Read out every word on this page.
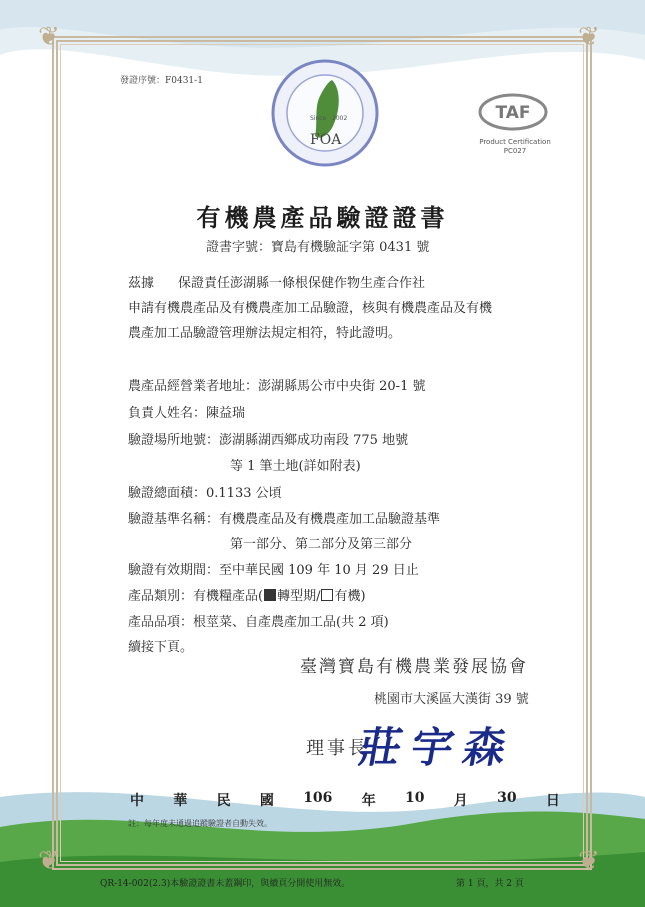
❦	❦
❦	❦
發證序號：F0431-1
Since 2002
FOA
TAF
Product Certification
PC027
有機農產品驗證證書
證書字號：寶島有機驗証字第 0431 號
茲據 保證責任澎湖縣一條根保健作物生產合作社
申請有機農產品及有機農產加工品驗證，核與有機農產品及有機
農產加工品驗證管理辦法規定相符，特此證明。
農產品經營業者地址：澎湖縣馬公市中央街 20-1 號
負責人姓名：陳益瑞
驗證場所地號：澎湖縣湖西鄉成功南段 775 地號
等 1 筆土地(詳如附表)
驗證總面積：0.1133 公頃
驗證基準名稱：有機農產品及有機農產加工品驗證基準
第一部分、第二部分及第三部分
驗證有效期間：至中華民國 109 年 10 月 29 日止
產品類別：有機糧產品( 轉型期/ 有機)
產品品項：根莖菜、自產農產加工品(共 2 項)
續接下頁。
臺灣寶島有機農業發展協會
桃園市大溪區大漢街 39 號
理事長
莊宇森
中 華 民 國 106 年 10 月 30 日
註：每年度未通過追蹤驗證者自動失效。
QR-14-002(2.3)本驗證證書未蓋鋼印，與續頁分開使用無效。	第 1 頁，共 2 頁
